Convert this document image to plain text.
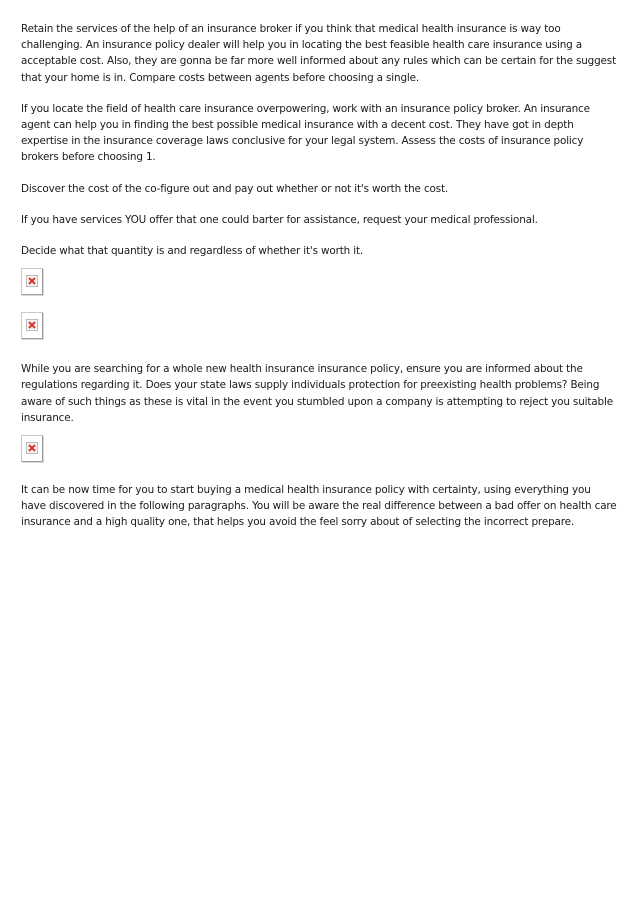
Retain the services of the help of an insurance broker if you think that medical health insurance is way too challenging. An insurance policy dealer will help you in locating the best feasible health care insurance using a acceptable cost. Also, they are gonna be far more well informed about any rules which can be certain for the suggest that your home is in. Compare costs between agents before choosing a single.

If you locate the field of health care insurance overpowering, work with an insurance policy broker. An insurance agent can help you in finding the best possible medical insurance with a decent cost. They have got in depth expertise in the insurance coverage laws conclusive for your legal system. Assess the costs of insurance policy brokers before choosing 1.

Discover the cost of the co-figure out and pay out whether or not it's worth the cost.

If you have services YOU offer that one could barter for assistance, request your medical professional.

Decide what that quantity is and regardless of whether it's worth it.

While you are searching for a whole new health insurance insurance policy, ensure you are informed about the regulations regarding it. Does your state laws supply individuals protection for preexisting health problems? Being aware of such things as these is vital in the event you stumbled upon a company is attempting to reject you suitable insurance.

It can be now time for you to start buying a medical health insurance policy with certainty, using everything you have discovered in the following paragraphs. You will be aware the real difference between a bad offer on health care insurance and a high quality one, that helps you avoid the feel sorry about of selecting the incorrect prepare.
